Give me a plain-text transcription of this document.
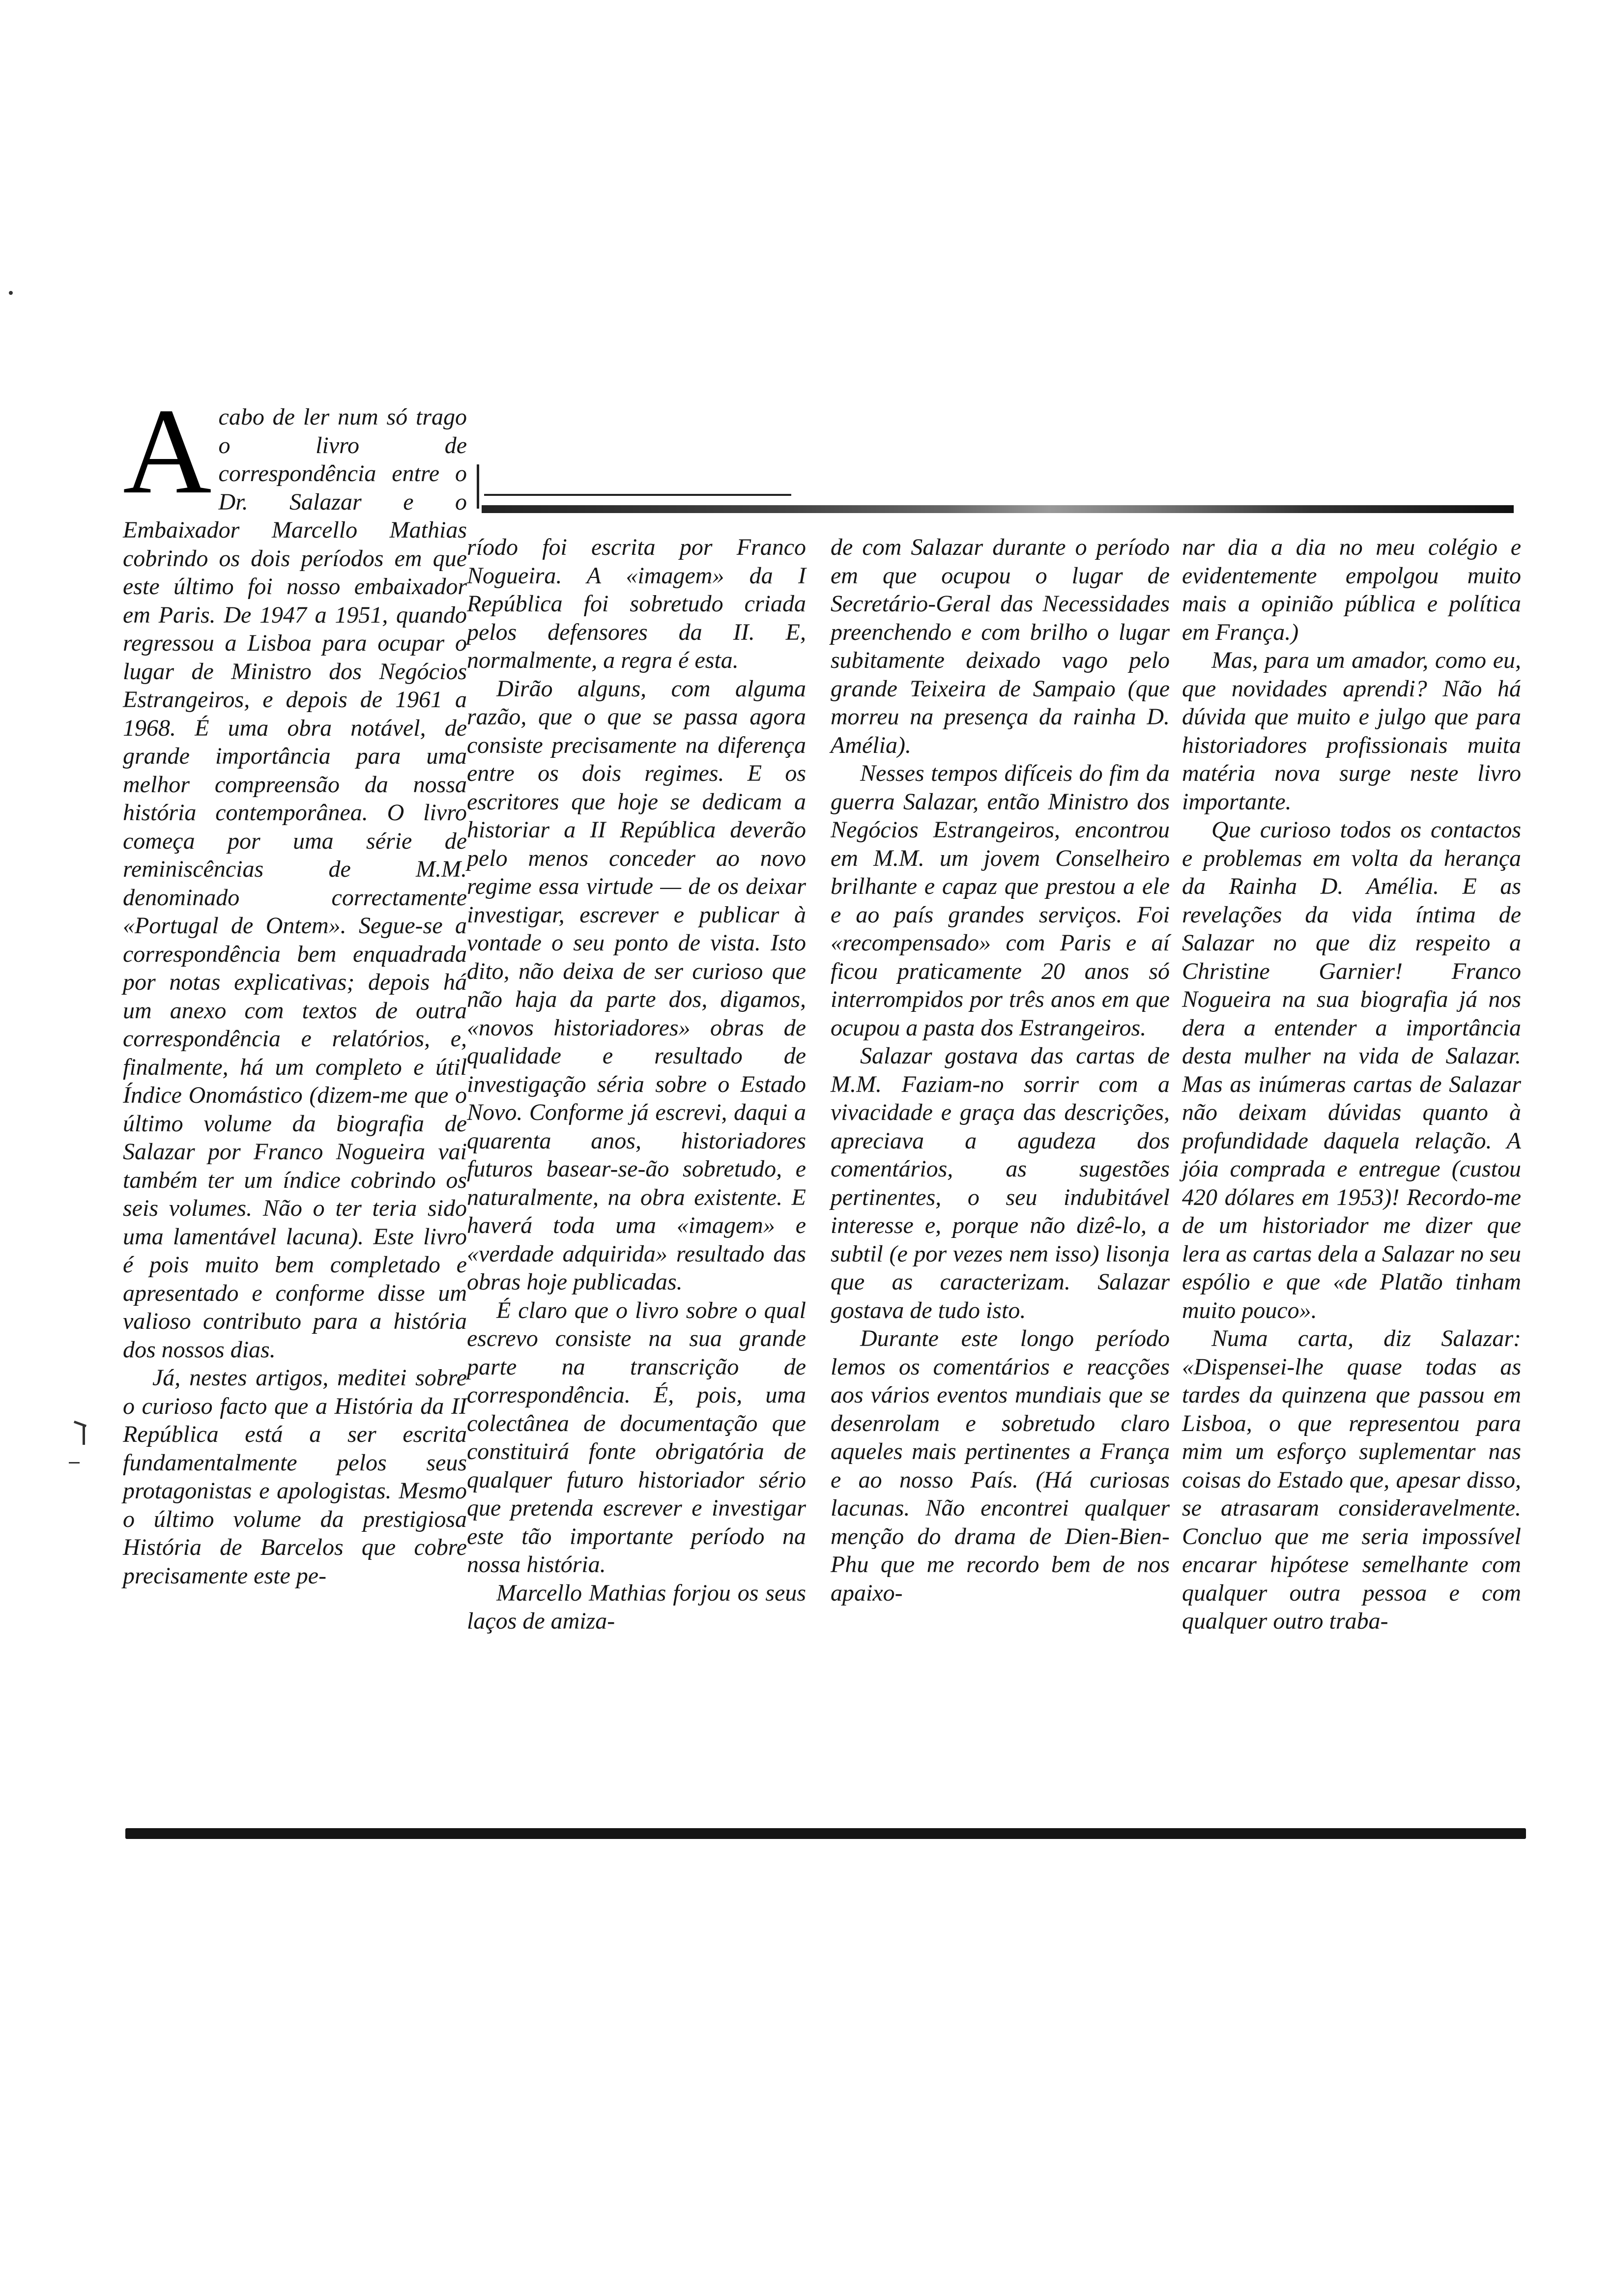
Acabo de ler num só trago o livro de correspondência entre o Dr. Salazar e o Embaixador Marcello Mathias cobrindo os dois períodos em que este último foi nosso embaixador em Paris. De 1947 a 1951, quando regressou a Lisboa para ocupar o lugar de Ministro dos Negócios Estrangeiros, e depois de 1961 a 1968. É uma obra notável, de grande importância para uma melhor compreensão da nossa história contemporânea. O livro começa por uma série de reminiscências de M.M. denominado correctamente «Portugal de Ontem». Segue-se a correspondência bem enquadrada por notas explicativas; depois há um anexo com textos de outra correspondência e relatórios, e, finalmente, há um completo e útil Índice Onomástico (dizem-me que o último volume da biografia de Salazar por Franco Nogueira vai também ter um índice cobrindo os seis volumes. Não o ter teria sido uma lamentável lacuna). Este livro é pois muito bem completado e apresentado e conforme disse um valioso contributo para a história dos nossos dias.

Já, nestes artigos, meditei sobre o curioso facto que a História da II República está a ser escrita fundamentalmente pelos seus protagonistas e apologistas. Mesmo o último volume da prestigiosa História de Barcelos que cobre precisamente este pe-

ríodo foi escrita por Franco Nogueira. A «imagem» da I República foi sobretudo criada pelos defensores da II. E, normalmente, a regra é esta.

Dirão alguns, com alguma razão, que o que se passa agora consiste precisamente na diferença entre os dois regimes. E os escritores que hoje se dedicam a historiar a II República deverão pelo menos conceder ao novo regime essa virtude — de os deixar investigar, escrever e publicar à vontade o seu ponto de vista. Isto dito, não deixa de ser curioso que não haja da parte dos, digamos, «novos historiadores» obras de qualidade e resultado de investigação séria sobre o Estado Novo. Conforme já escrevi, daqui a quarenta anos, historiadores futuros basear-se-ão sobretudo, e naturalmente, na obra existente. E haverá toda uma «imagem» e «verdade adquirida» resultado das obras hoje publicadas.

É claro que o livro sobre o qual escrevo consiste na sua grande parte na transcrição de correspondência. É, pois, uma colectânea de documentação que constituirá fonte obrigatória de qualquer futuro historiador sério que pretenda escrever e investigar este tão importante período na nossa história.

Marcello Mathias forjou os seus laços de amiza-

de com Salazar durante o período em que ocupou o lugar de Secretário-Geral das Necessidades preenchendo e com brilho o lugar subitamente deixado vago pelo grande Teixeira de Sampaio (que morreu na presença da rainha D. Amélia).

Nesses tempos difíceis do fim da guerra Salazar, então Ministro dos Negócios Estrangeiros, encontrou em M.M. um jovem Conselheiro brilhante e capaz que prestou a ele e ao país grandes serviços. Foi «recompensado» com Paris e aí ficou praticamente 20 anos só interrompidos por três anos em que ocupou a pasta dos Estrangeiros.

Salazar gostava das cartas de M.M. Faziam-no sorrir com a vivacidade e graça das descrições, apreciava a agudeza dos comentários, as sugestões pertinentes, o seu indubitável interesse e, porque não dizê-lo, a subtil (e por vezes nem isso) lisonja que as caracterizam. Salazar gostava de tudo isto.

Durante este longo período lemos os comentários e reacções aos vários eventos mundiais que se desenrolam e sobretudo claro aqueles mais pertinentes a França e ao nosso País. (Há curiosas lacunas. Não encontrei qualquer menção do drama de Dien-Bien-Phu que me recordo bem de nos apaixo-

nar dia a dia no meu colégio e evidentemente empolgou muito mais a opinião pública e política em França.)

Mas, para um amador, como eu, que novidades aprendi? Não há dúvida que muito e julgo que para historiadores profissionais muita matéria nova surge neste livro importante.

Que curioso todos os contactos e problemas em volta da herança da Rainha D. Amélia. E as revelações da vida íntima de Salazar no que diz respeito a Christine Garnier! Franco Nogueira na sua biografia já nos dera a entender a importância desta mulher na vida de Salazar. Mas as inúmeras cartas de Salazar não deixam dúvidas quanto à profundidade daquela relação. A jóia comprada e entregue (custou 420 dólares em 1953)! Recordo-me de um historiador me dizer que lera as cartas dela a Salazar no seu espólio e que «de Platão tinham muito pouco».

Numa carta, diz Salazar: «Dispensei-lhe quase todas as tardes da quinzena que passou em Lisboa, o que representou para mim um esforço suplementar nas coisas do Estado que, apesar disso, se atrasaram consideravelmente. Concluo que me seria impossível encarar hipótese semelhante com qualquer outra pessoa e com qualquer outro traba-
